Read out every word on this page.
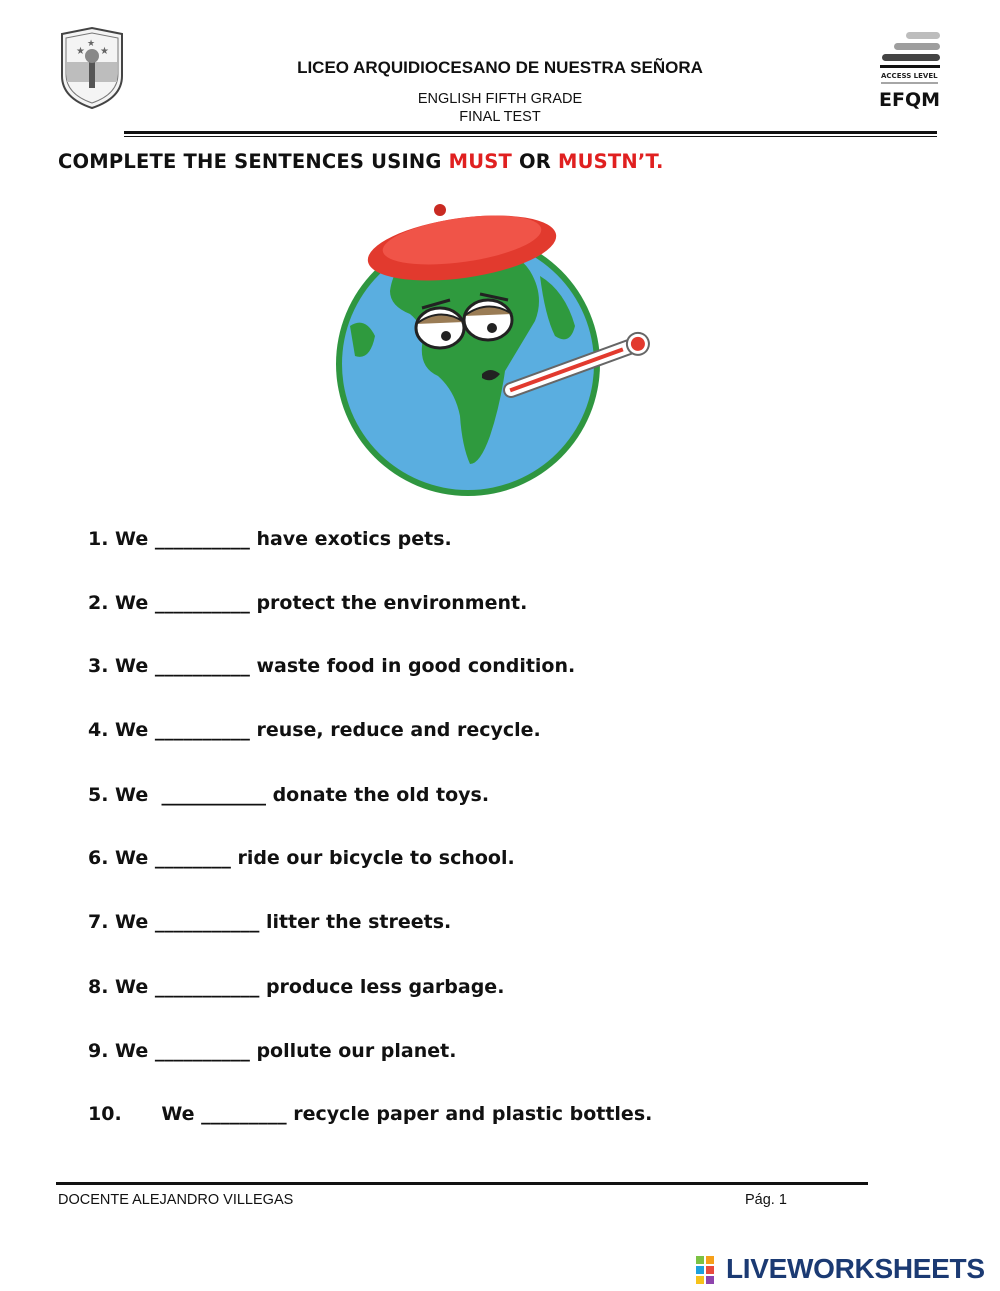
★ ★
★
LICEO ARQUIDIOCESANO DE NUESTRA SEÑORA
ENGLISH FIFTH GRADE
FINAL TEST
ACCESS LEVEL
EFQM
COMPLETE THE SENTENCES USING MUST OR MUSTN’T.
1. We __________ have exotics pets.
2. We __________ protect the environment.
3. We __________ waste food in good condition.
4. We __________ reuse, reduce and recycle.
5. We  ___________ donate the old toys.
6. We ________ ride our bicycle to school.
7. We ___________ litter the streets.
8. We ___________ produce less garbage.
9. We __________ pollute our planet.
10.      We _________ recycle paper and plastic bottles.
DOCENTE ALEJANDRO VILLEGAS	Pág. 1
LIVEWORKSHEETS
